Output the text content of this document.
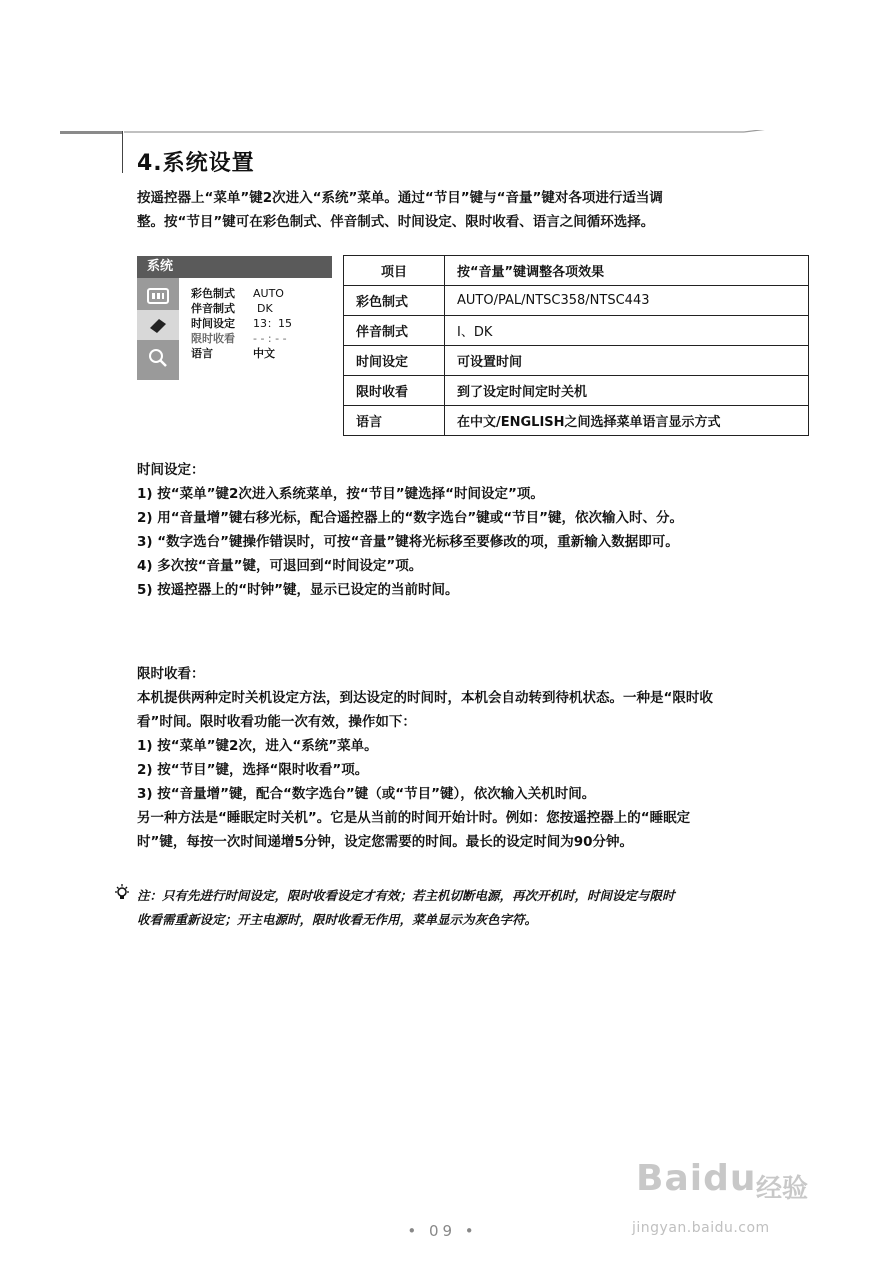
4.系统设置
按遥控器上“菜单”键2次进入“系统”菜单。通过“节目”键与“音量”键对各项进行适当调
整。按“节目”键可在彩色制式、伴音制式、时间设定、限时收看、语言之间循环选择。
系统
彩色制式	AUTO
伴音制式	DK
时间设定	13：15
限时收看	- - : - -
语言	中文
项目	按“音量”键调整各项效果
彩色制式	AUTO/PAL/NTSC358/NTSC443
伴音制式	I、DK
时间设定	可设置时间
限时收看	到了设定时间定时关机
语言	在中文/ENGLISH之间选择菜单语言显示方式
时间设定：
1) 按“菜单”键2次进入系统菜单，按“节目”键选择“时间设定”项。
2) 用“音量增”键右移光标，配合遥控器上的“数字选台”键或“节目”键，依次输入时、分。
3) “数字选台”键操作错误时，可按“音量”键将光标移至要修改的项，重新输入数据即可。
4) 多次按“音量”键，可退回到“时间设定”项。
5) 按遥控器上的“时钟”键，显示已设定的当前时间。
限时收看：
本机提供两种定时关机设定方法，到达设定的时间时，本机会自动转到待机状态。一种是“限时收
看”时间。限时收看功能一次有效，操作如下：
1) 按“菜单”键2次，进入“系统”菜单。
2) 按“节目”键，选择“限时收看”项。
3) 按“音量增”键，配合“数字选台”键（或“节目”键），依次输入关机时间。
另一种方法是“睡眠定时关机”。它是从当前的时间开始计时。例如：您按遥控器上的“睡眠定
时”键，每按一次时间递增5分钟，设定您需要的时间。最长的设定时间为90分钟。
注：只有先进行时间设定，限时收看设定才有效；若主机切断电源，再次开机时，时间设定与限时
收看需重新设定；开主电源时，限时收看无作用，菜单显示为灰色字符。
Baidu 经验
jingyan.baidu.com
• 09 •
